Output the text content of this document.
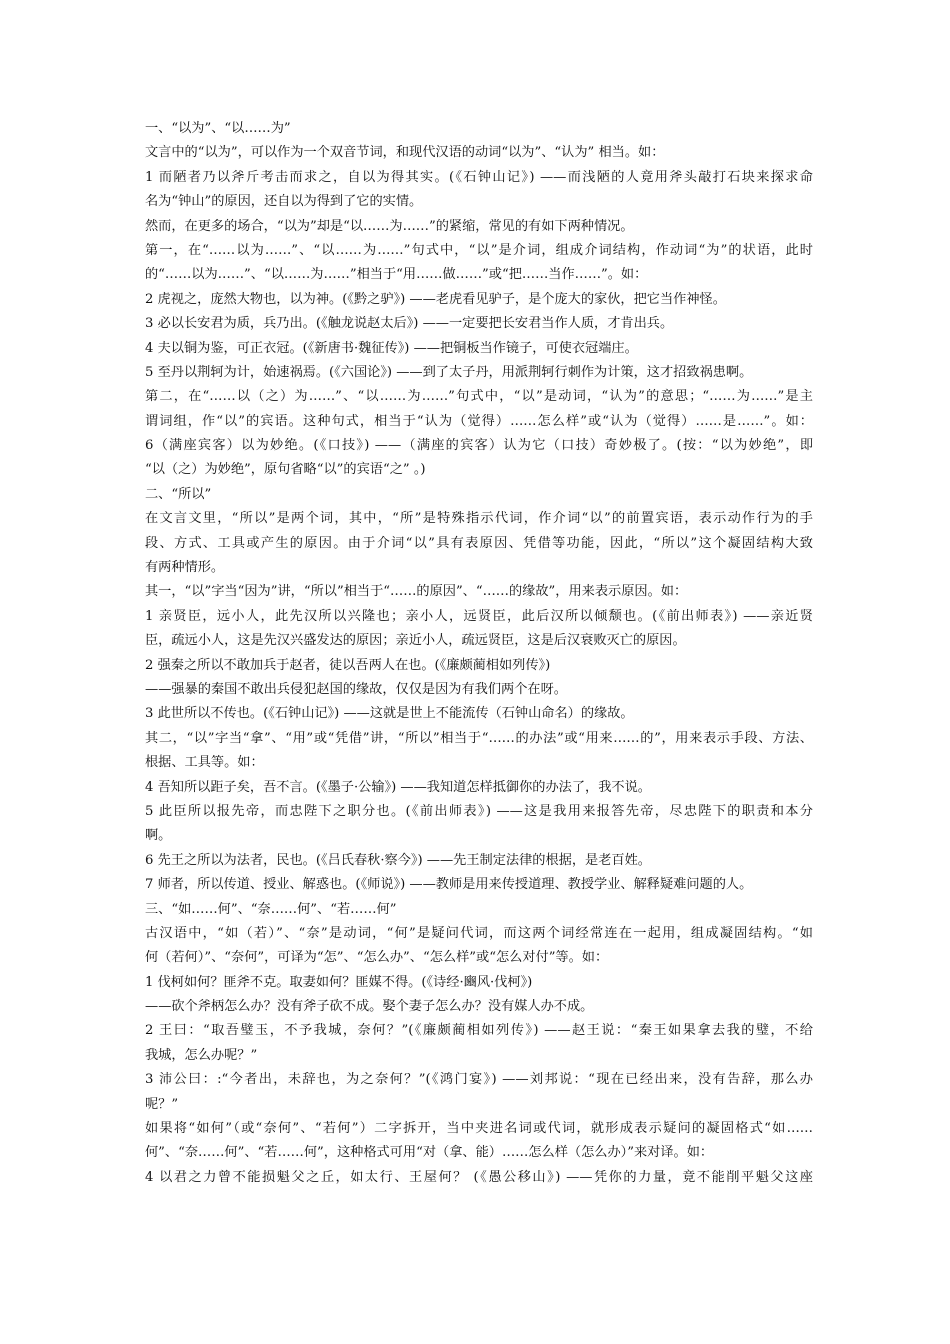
一、“以为”、“以……为”
文言中的“以为”，可以作为一个双音节词，和现代汉语的动词“以为”、“认为” 相当。如：
1 而陋者乃以斧斤考击而求之，自以为得其实。(《石钟山记》) ——而浅陋的人竟用斧头敲打石块来探求命
名为“钟山”的原因，还自以为得到了它的实情。
然而，在更多的场合，“以为”却是“以……为……”的紧缩，常见的有如下两种情况。
第一，在“……以为……”、“以……为……”句式中，“以”是介词，组成介词结构，作动词“为”的状语，此时
的“……以为……”、“以……为……”相当于“用……做……”或“把……当作……”。如：
2 虎视之，庞然大物也，以为神。(《黔之驴》) ——老虎看见驴子，是个庞大的家伙，把它当作神怪。
3 必以长安君为质，兵乃出。(《触龙说赵太后》) ——一定要把长安君当作人质，才肯出兵。
4 夫以铜为鉴，可正衣冠。(《新唐书·魏征传》) ——把铜板当作镜子，可使衣冠端庄。
5 至丹以荆轲为计，始速祸焉。(《六国论》) ——到了太子丹，用派荆轲行刺作为计策，这才招致祸患啊。
第二，在“……以（之）为……”、“以……为……”句式中，“以”是动词，“认为”的意思；“……为……”是主
谓词组，作“以”的宾语。这种句式，相当于“认为（觉得）……怎么样”或“认为（觉得）……是……”。如：
6（满座宾客）以为妙绝。(《口技》) ——（满座的宾客）认为它（口技）奇妙极了。(按：“以为妙绝”，即
“以（之）为妙绝”，原句省略“以”的宾语“之” 。)
二、“所以”
在文言文里，“所以”是两个词，其中，“所”是特殊指示代词，作介词“以”的前置宾语，表示动作行为的手
段、方式、工具或产生的原因。由于介词“以”具有表原因、凭借等功能，因此，“所以”这个凝固结构大致
有两种情形。
其一，“以”字当“因为”讲，“所以”相当于“……的原因”、“……的缘故”，用来表示原因。如：
1 亲贤臣，远小人，此先汉所以兴隆也；亲小人，远贤臣，此后汉所以倾颓也。(《前出师表》) ——亲近贤
臣，疏远小人，这是先汉兴盛发达的原因；亲近小人，疏远贤臣，这是后汉衰败灭亡的原因。
2 强秦之所以不敢加兵于赵者，徒以吾两人在也。(《廉颇蔺相如列传》)
——强暴的秦国不敢出兵侵犯赵国的缘故，仅仅是因为有我们两个在呀。
3 此世所以不传也。(《石钟山记》) ——这就是世上不能流传（石钟山命名）的缘故。
其二，“以”字当“拿”、“用”或“凭借”讲，“所以”相当于“……的办法”或“用来……的”，用来表示手段、方法、
根据、工具等。如：
4 吾知所以距子矣，吾不言。(《墨子·公输》) ——我知道怎样抵御你的办法了，我不说。
5 此臣所以报先帝，而忠陛下之职分也。(《前出师表》) ——这是我用来报答先帝，尽忠陛下的职责和本分
啊。
6 先王之所以为法者，民也。(《吕氏春秋·察今》) ——先王制定法律的根据，是老百姓。
7 师者，所以传道、授业、解惑也。(《师说》) ——教师是用来传授道理、教授学业、解释疑难问题的人。
三、“如……何”、“奈……何”、“若……何”
古汉语中，“如（若）”、“奈”是动词，“何”是疑问代词，而这两个词经常连在一起用，组成凝固结构。“如
何（若何）”、“奈何”，可译为“怎”、“怎么办”、“怎么样”或“怎么对付”等。如：
1 伐柯如何？匪斧不克。取妻如何？匪媒不得。(《诗经·豳风·伐柯》)
——砍个斧柄怎么办？没有斧子砍不成。娶个妻子怎么办？没有媒人办不成。
2 王曰：“取吾璧玉，不予我城，奈何？”(《廉颇蔺相如列传》) ——赵王说：“秦王如果拿去我的璧，不给
我城，怎么办呢？”
3 沛公曰：:“今者出，未辞也，为之奈何？”(《鸿门宴》) ——刘邦说：“现在已经出来，没有告辞，那么办
呢？”
如果将“如何”（或“奈何”、“若何”）二字拆开，当中夹进名词或代词，就形成表示疑问的凝固格式“如……
何”、“奈……何”、“若……何”，这种格式可用“对（拿、能）……怎么样（怎么办）”来对译。如：
4 以君之力曾不能损魁父之丘，如太行、王屋何？ (《愚公移山》) ——凭你的力量，竟不能削平魁父这座
